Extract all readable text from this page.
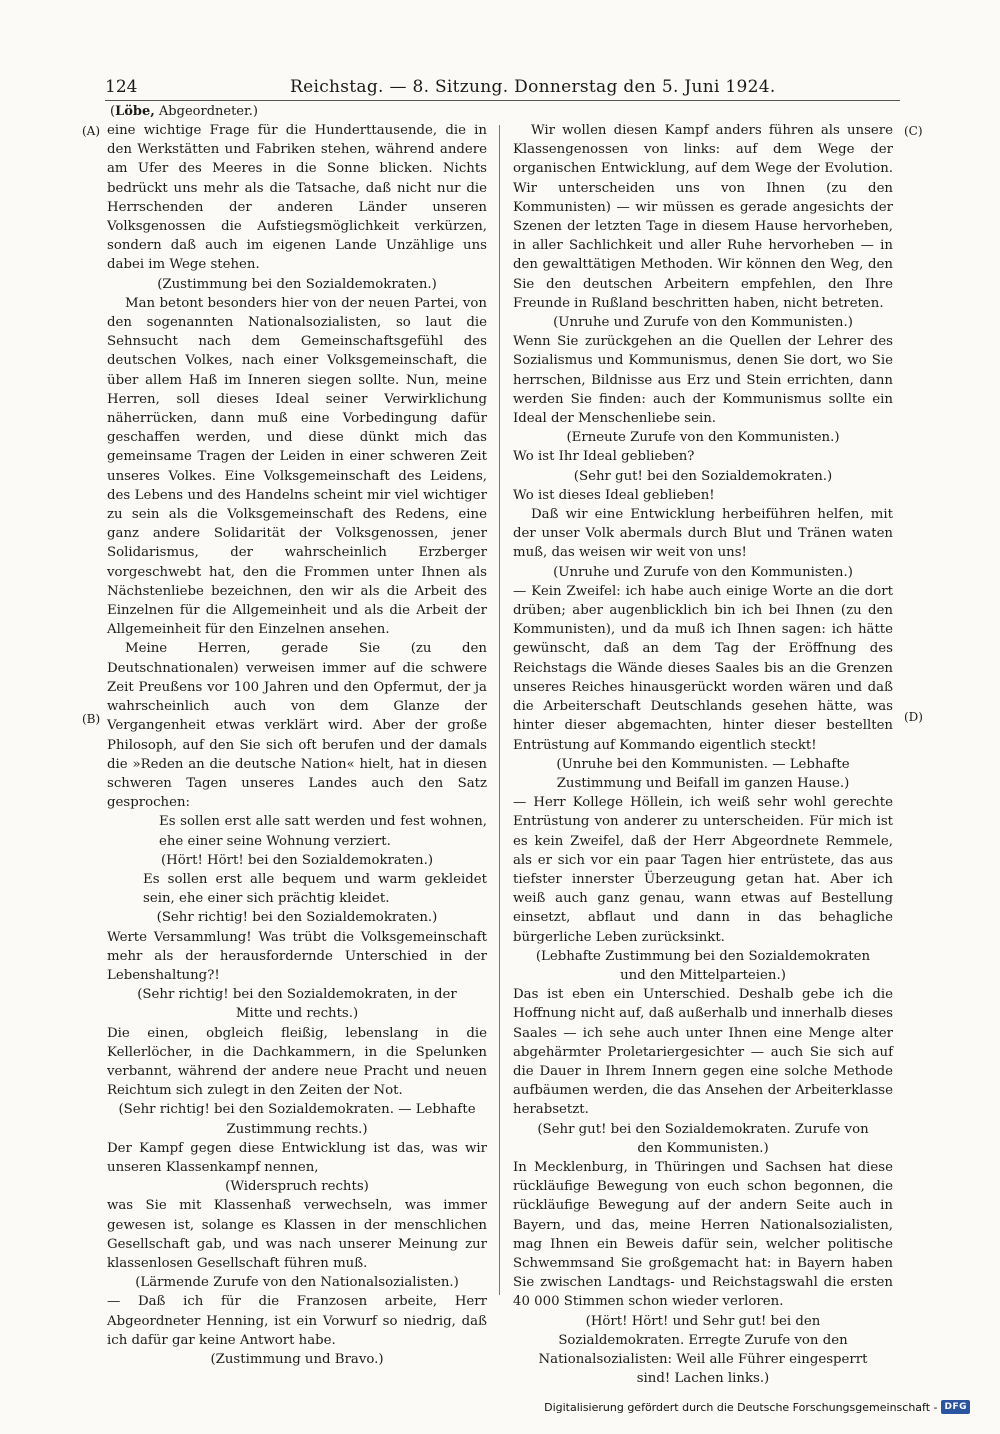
124	Reichstag. — 8. Sitzung. Donnerstag den 5. Juni 1924.
(Löbe, Abgeordneter.)
(A)
(B)
(C)
(D)

eine wichtige Frage für die Hunderttausende, die in den Werkstätten und Fabriken stehen, während andere am Ufer des Meeres in die Sonne blicken. Nichts bedrückt uns mehr als die Tatsache, daß nicht nur die Herrschenden der anderen Länder unseren Volksgenossen die Aufstiegsmöglichkeit verkürzen, sondern daß auch im eigenen Lande Unzählige uns dabei im Wege stehen.

(Zustimmung bei den Sozialdemokraten.)

Man betont besonders hier von der neuen Partei, von den sogenannten Nationalsozialisten, so laut die Sehnsucht nach dem Gemeinschaftsgefühl des deutschen Volkes, nach einer Volksgemeinschaft, die über allem Haß im Inneren siegen sollte. Nun, meine Herren, soll dieses Ideal seiner Verwirklichung näherrücken, dann muß eine Vorbedingung dafür geschaffen werden, und diese dünkt mich das gemeinsame Tragen der Leiden in einer schweren Zeit unseres Volkes. Eine Volksgemeinschaft des Leidens, des Lebens und des Handelns scheint mir viel wichtiger zu sein als die Volksgemeinschaft des Redens, eine ganz andere Solidarität der Volksgenossen, jener Solidarismus, der wahrscheinlich Erzberger vorgeschwebt hat, den die Frommen unter Ihnen als Nächstenliebe bezeichnen, den wir als die Arbeit des Einzelnen für die Allgemeinheit und als die Arbeit der Allgemeinheit für den Einzelnen ansehen.

Meine Herren, gerade Sie (zu den Deutschnationalen) verweisen immer auf die schwere Zeit Preußens vor 100 Jahren und den Opfermut, der ja wahrscheinlich auch von dem Glanze der Vergangenheit etwas verklärt wird. Aber der große Philosoph, auf den Sie sich oft berufen und der damals die »Reden an die deutsche Nation« hielt, hat in diesen schweren Tagen unseres Landes auch den Satz gesprochen:

Es sollen erst alle satt werden und fest wohnen, ehe einer seine Wohnung verziert.

(Hört! Hört! bei den Sozialdemokraten.)

Es sollen erst alle bequem und warm gekleidet sein, ehe einer sich prächtig kleidet.

(Sehr richtig! bei den Sozialdemokraten.)

Werte Versammlung! Was trübt die Volksgemeinschaft mehr als der herausfordernde Unterschied in der Lebenshaltung?!

(Sehr richtig! bei den Sozialdemokraten, in der Mitte und rechts.)

Die einen, obgleich fleißig, lebenslang in die Kellerlöcher, in die Dachkammern, in die Spelunken verbannt, während der andere neue Pracht und neuen Reichtum sich zulegt in den Zeiten der Not.

(Sehr richtig! bei den Sozialdemokraten. — Lebhafte Zustimmung rechts.)

Der Kampf gegen diese Entwicklung ist das, was wir unseren Klassenkampf nennen,

(Widerspruch rechts)

was Sie mit Klassenhaß verwechseln, was immer gewesen ist, solange es Klassen in der menschlichen Gesellschaft gab, und was nach unserer Meinung zur klassenlosen Gesellschaft führen muß.

(Lärmende Zurufe von den Nationalsozialisten.)

— Daß ich für die Franzosen arbeite, Herr Abgeordneter Henning, ist ein Vorwurf so niedrig, daß ich dafür gar keine Antwort habe.

(Zustimmung und Bravo.)

Wir wollen diesen Kampf anders führen als unsere Klassengenossen von links: auf dem Wege der organischen Entwicklung, auf dem Wege der Evolution. Wir unterscheiden uns von Ihnen (zu den Kommunisten) — wir müssen es gerade angesichts der Szenen der letzten Tage in diesem Hause hervorheben, in aller Sachlichkeit und aller Ruhe hervorheben — in den gewalttätigen Methoden. Wir können den Weg, den Sie den deutschen Arbeitern empfehlen, den Ihre Freunde in Rußland beschritten haben, nicht betreten.

(Unruhe und Zurufe von den Kommunisten.)

Wenn Sie zurückgehen an die Quellen der Lehrer des Sozialismus und Kommunismus, denen Sie dort, wo Sie herrschen, Bildnisse aus Erz und Stein errichten, dann werden Sie finden: auch der Kommunismus sollte ein Ideal der Menschenliebe sein.

(Erneute Zurufe von den Kommunisten.)

Wo ist Ihr Ideal geblieben?

(Sehr gut! bei den Sozialdemokraten.)

Wo ist dieses Ideal geblieben!

Daß wir eine Entwicklung herbeiführen helfen, mit der unser Volk abermals durch Blut und Tränen waten muß, das weisen wir weit von uns!

(Unruhe und Zurufe von den Kommunisten.)

— Kein Zweifel: ich habe auch einige Worte an die dort drüben; aber augenblicklich bin ich bei Ihnen (zu den Kommunisten), und da muß ich Ihnen sagen: ich hätte gewünscht, daß an dem Tag der Eröffnung des Reichstags die Wände dieses Saales bis an die Grenzen unseres Reiches hinausgerückt worden wären und daß die Arbeiterschaft Deutschlands gesehen hätte, was hinter dieser abgemachten, hinter dieser bestellten Entrüstung auf Kommando eigentlich steckt!

(Unruhe bei den Kommunisten. — Lebhafte Zustimmung und Beifall im ganzen Hause.)

— Herr Kollege Höllein, ich weiß sehr wohl gerechte Entrüstung von anderer zu unterscheiden. Für mich ist es kein Zweifel, daß der Herr Abgeordnete Remmele, als er sich vor ein paar Tagen hier entrüstete, das aus tiefster innerster Überzeugung getan hat. Aber ich weiß auch ganz genau, wann etwas auf Bestellung einsetzt, abflaut und dann in das behagliche bürgerliche Leben zurücksinkt.

(Lebhafte Zustimmung bei den Sozialdemokraten und den Mittelparteien.)

Das ist eben ein Unterschied. Deshalb gebe ich die Hoffnung nicht auf, daß außerhalb und innerhalb dieses Saales — ich sehe auch unter Ihnen eine Menge alter abgehärmter Proletariergesichter — auch Sie sich auf die Dauer in Ihrem Innern gegen eine solche Methode aufbäumen werden, die das Ansehen der Arbeiterklasse herabsetzt.

(Sehr gut! bei den Sozialdemokraten. Zurufe von den Kommunisten.)

In Mecklenburg, in Thüringen und Sachsen hat diese rückläufige Bewegung von euch schon begonnen, die rückläufige Bewegung auf der andern Seite auch in Bayern, und das, meine Herren Nationalsozialisten, mag Ihnen ein Beweis dafür sein, welcher politische Schwemmsand Sie großgemacht hat: in Bayern haben Sie zwischen Landtags- und Reichstagswahl die ersten 40 000 Stimmen schon wieder verloren.

(Hört! Hört! und Sehr gut! bei den Sozialdemokraten. Erregte Zurufe von den Nationalsozialisten: Weil alle Führer eingesperrt sind! Lachen links.)

Digitalisierung gefördert durch die Deutsche Forschungsgemeinschaft - DFG
